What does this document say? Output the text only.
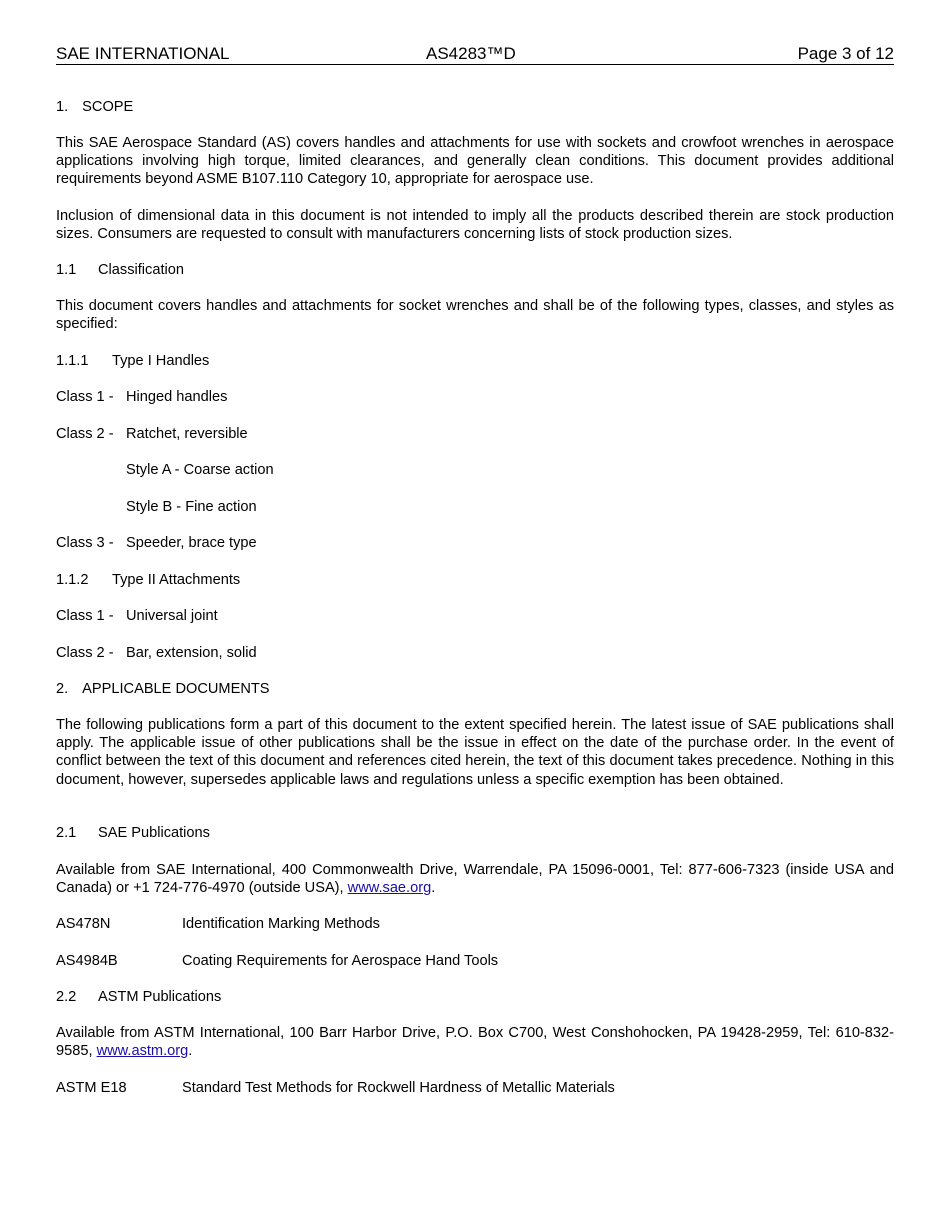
SAE INTERNATIONAL	AS4283™D	Page 3 of 12
1. SCOPE
This SAE Aerospace Standard (AS) covers handles and attachments for use with sockets and crowfoot wrenches in aerospace applications involving high torque, limited clearances, and generally clean conditions. This document provides additional requirements beyond ASME B107.110 Category 10, appropriate for aerospace use.
Inclusion of dimensional data in this document is not intended to imply all the products described therein are stock production sizes. Consumers are requested to consult with manufacturers concerning lists of stock production sizes.
1.1 Classification
This document covers handles and attachments for socket wrenches and shall be of the following types, classes, and styles as specified:
1.1.1 Type I Handles
Class 1 - Hinged handles
Class 2 - Ratchet, reversible
Style A - Coarse action
Style B - Fine action
Class 3 - Speeder, brace type
1.1.2 Type II Attachments
Class 1 - Universal joint
Class 2 - Bar, extension, solid
2. APPLICABLE DOCUMENTS
The following publications form a part of this document to the extent specified herein. The latest issue of SAE publications shall apply. The applicable issue of other publications shall be the issue in effect on the date of the purchase order. In the event of conflict between the text of this document and references cited herein, the text of this document takes precedence. Nothing in this document, however, supersedes applicable laws and regulations unless a specific exemption has been obtained.
2.1 SAE Publications
Available from SAE International, 400 Commonwealth Drive, Warrendale, PA 15096-0001, Tel: 877-606-7323 (inside USA and Canada) or +1 724-776-4970 (outside USA), www.sae.org.
AS478N	Identification Marking Methods
AS4984B	Coating Requirements for Aerospace Hand Tools
2.2 ASTM Publications
Available from ASTM International, 100 Barr Harbor Drive, P.O. Box C700, West Conshohocken, PA 19428-2959, Tel: 610-832-9585, www.astm.org.
ASTM E18	Standard Test Methods for Rockwell Hardness of Metallic Materials
